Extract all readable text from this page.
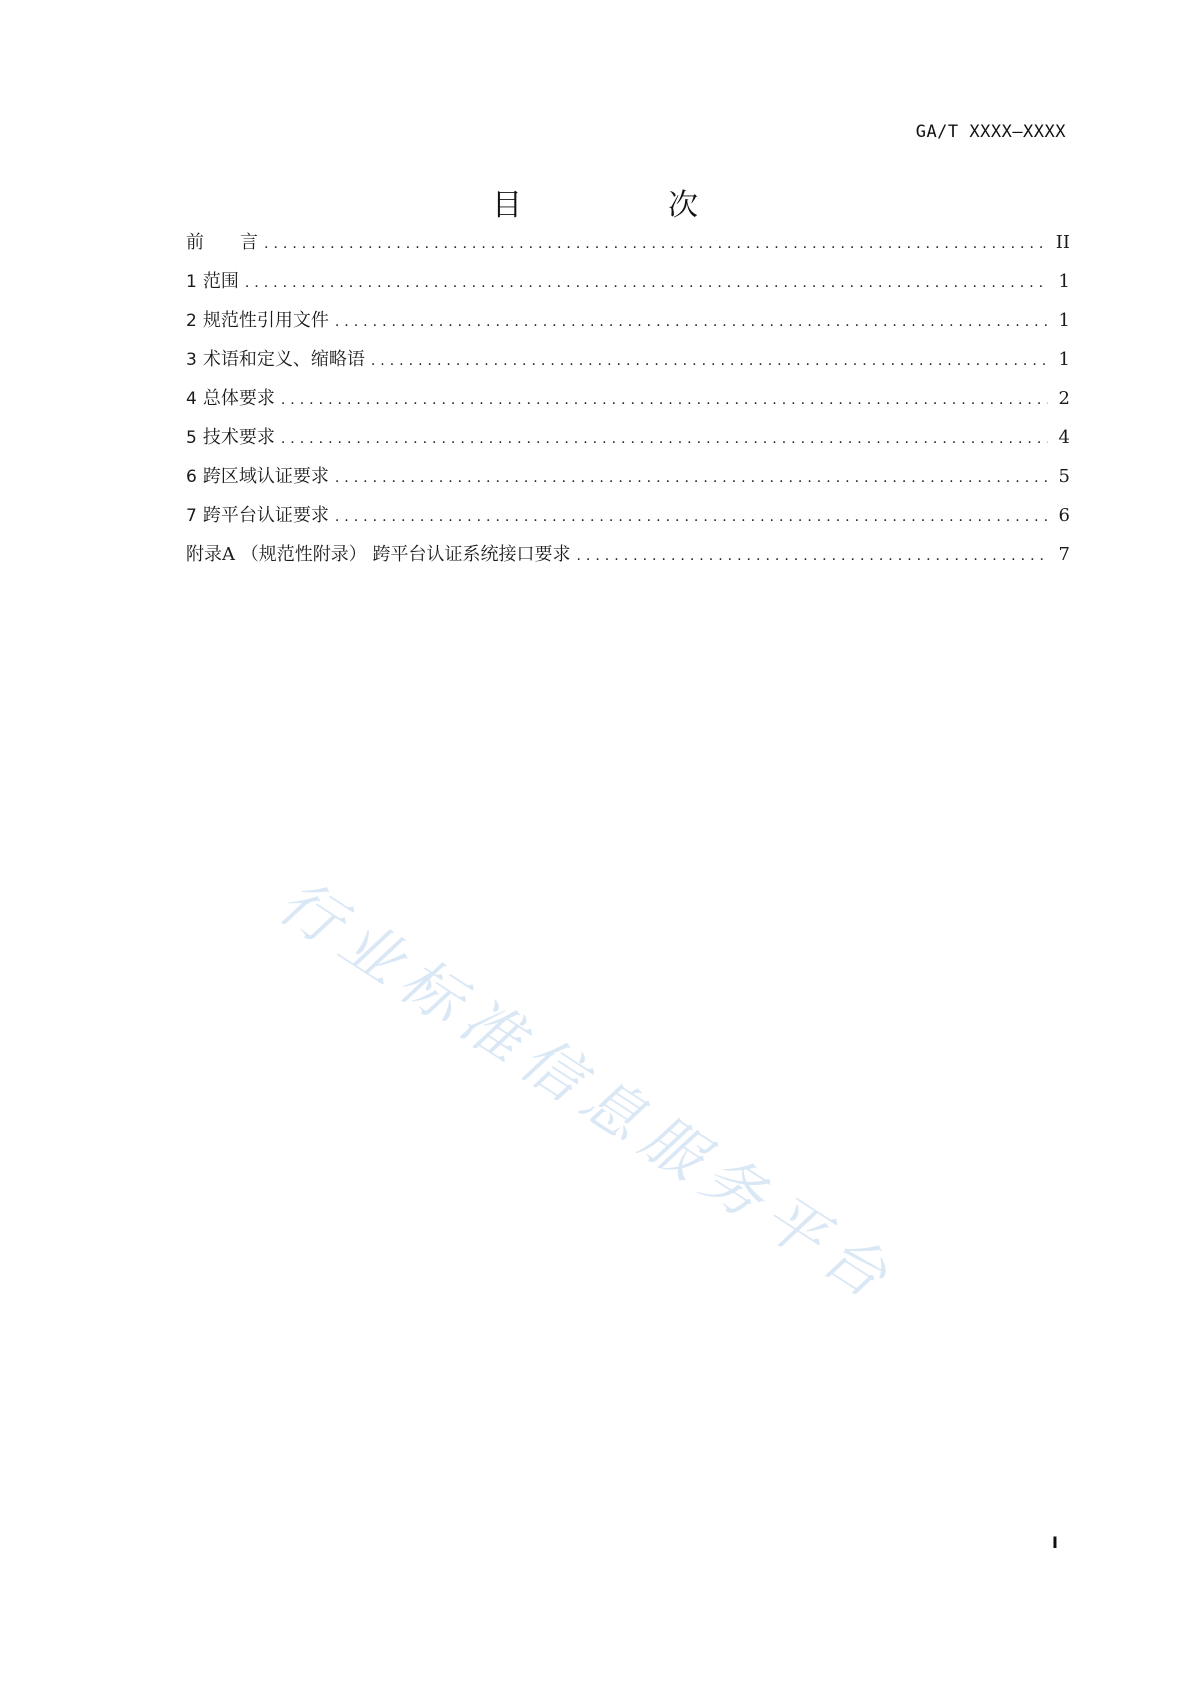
GA/T XXXX—XXXX
目　次
前　　言 .....	II
1 范围 .....	1
2 规范性引用文件 .....	1
3 术语和定义、缩略语 .....	1
4 总体要求 .....	2
5 技术要求 .....	4
6 跨区域认证要求 .....	5
7 跨平台认证要求 .....	6
附录A （规范性附录） 跨平台认证系统接口要求 .....	7
行业标准信息服务平台
I
